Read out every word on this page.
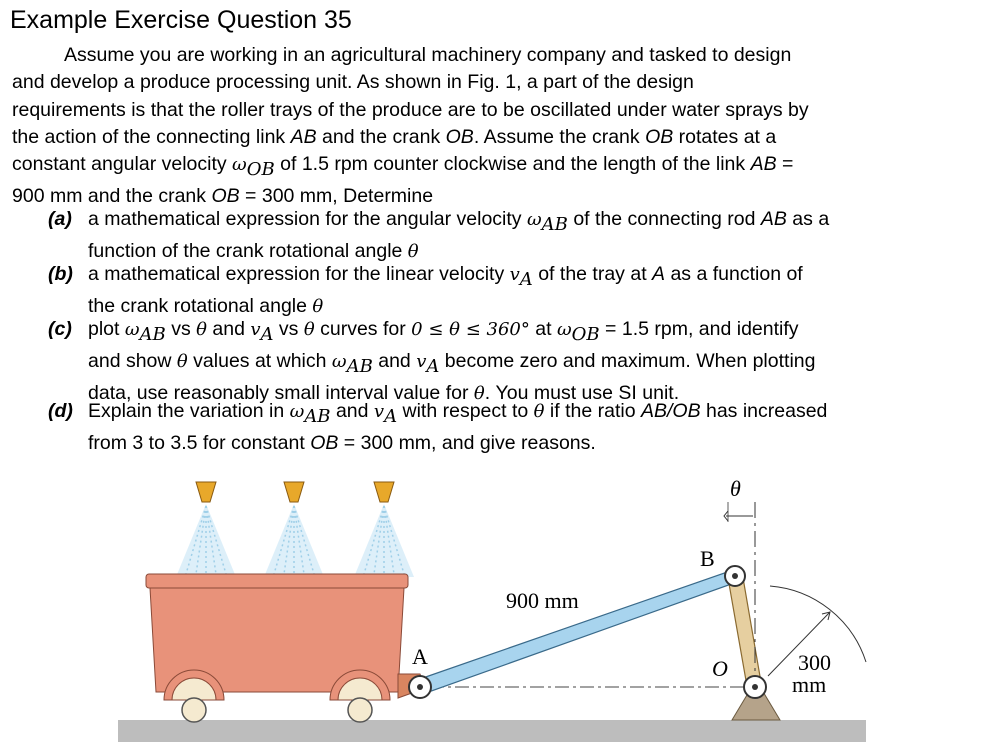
Example Exercise Question 35
Assume you are working in an agricultural machinery company and tasked to design
and develop a produce processing unit. As shown in Fig. 1, a part of the design
requirements is that the roller trays of the produce are to be oscillated under water sprays by
the action of the connecting link AB and the crank OB. Assume the crank OB rotates at a
constant angular velocity $\omega_{OB}$ of 1.5 rpm counter clockwise and the length of the link AB =
900 mm and the crank OB = 300 mm, Determine
(a) a mathematical expression for the angular velocity $\omega_{AB}$ of the connecting rod AB as a
function of the crank rotational angle θ
(b) a mathematical expression for the linear velocity $v_A$ of the tray at A as a function of
the crank rotational angle θ
(c) plot $\omega_{AB}$ vs θ and $v_A$ vs θ curves for 0 ≤ θ ≤ 360° at $\omega_{OB} = 1.5$ rpm, and identify
and show θ values at which $\omega_{AB}$ and $v_A$ become zero and maximum. When plotting
data, use reasonably small interval value for θ. You must use SI unit.
(d) Explain the variation in $\omega_{AB}$ and $v_A$ with respect to θ if the ratio AB/OB has increased
from 3 to 3.5 for constant OB = 300 mm, and give reasons.
θ
B
A	O
900 mm
300
mm
